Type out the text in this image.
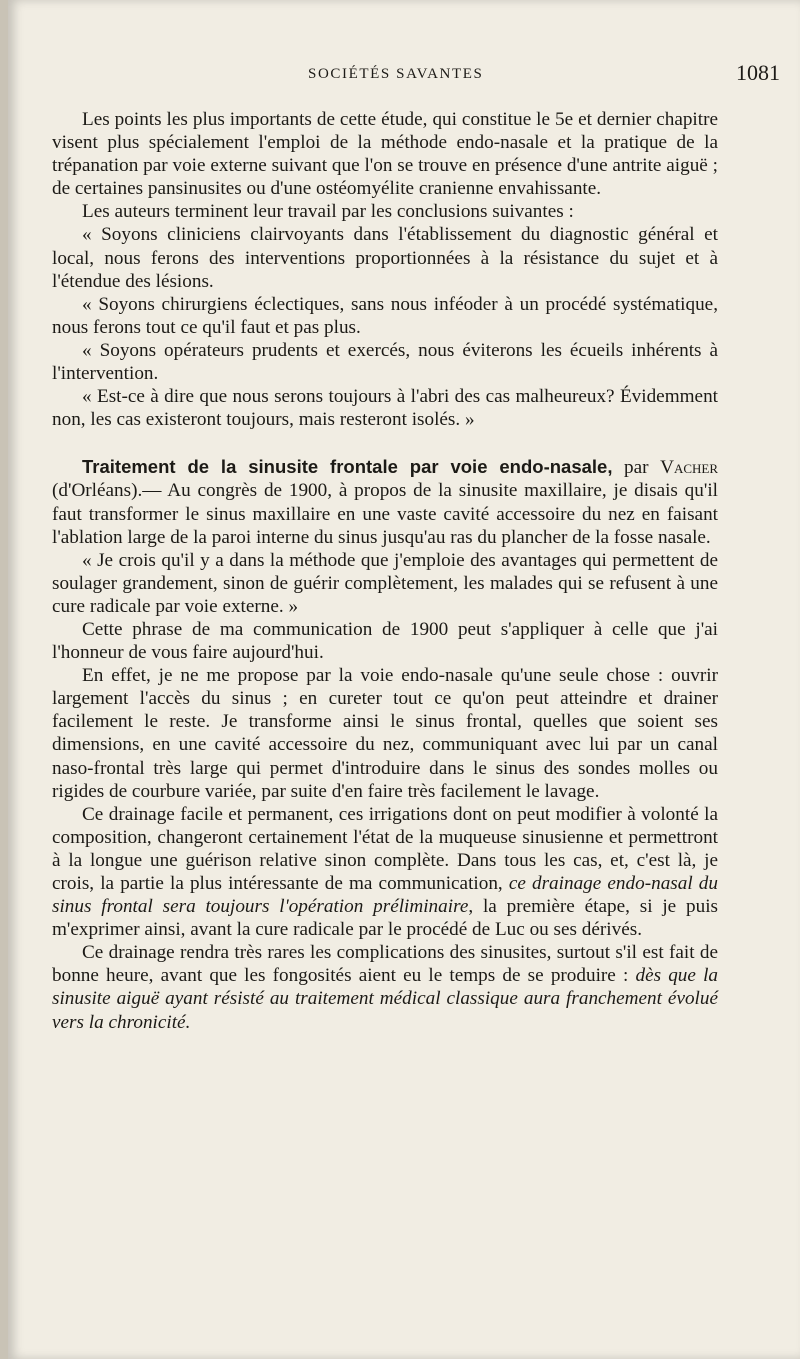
SOCIÉTÉS SAVANTES	1081

Les points les plus importants de cette étude, qui constitue le 5e et dernier chapitre visent plus spécialement l'emploi de la méthode endo-nasale et la pratique de la trépanation par voie externe suivant que l'on se trouve en présence d'une antrite aiguë ; de certaines pansinusites ou d'une ostéomyélite cranienne envahissante.

Les auteurs terminent leur travail par les conclusions suivantes :

« Soyons cliniciens clairvoyants dans l'établissement du diagnostic général et local, nous ferons des interventions proportionnées à la résistance du sujet et à l'étendue des lésions.

« Soyons chirurgiens éclectiques, sans nous inféoder à un procédé systématique, nous ferons tout ce qu'il faut et pas plus.

« Soyons opérateurs prudents et exercés, nous éviterons les écueils inhérents à l'intervention.

« Est-ce à dire que nous serons toujours à l'abri des cas malheureux? Évidemment non, les cas existeront toujours, mais resteront isolés. »

Traitement de la sinusite frontale par voie endo-nasale, par Vacher (d'Orléans).— Au congrès de 1900, à propos de la sinusite maxillaire, je disais qu'il faut transformer le sinus maxillaire en une vaste cavité accessoire du nez en faisant l'ablation large de la paroi interne du sinus jusqu'au ras du plancher de la fosse nasale.

« Je crois qu'il y a dans la méthode que j'emploie des avantages qui permettent de soulager grandement, sinon de guérir complètement, les malades qui se refusent à une cure radicale par voie externe. »

Cette phrase de ma communication de 1900 peut s'appliquer à celle que j'ai l'honneur de vous faire aujourd'hui.

En effet, je ne me propose par la voie endo-nasale qu'une seule chose : ouvrir largement l'accès du sinus ; en cureter tout ce qu'on peut atteindre et drainer facilement le reste. Je transforme ainsi le sinus frontal, quelles que soient ses dimensions, en une cavité accessoire du nez, communiquant avec lui par un canal naso-frontal très large qui permet d'introduire dans le sinus des sondes molles ou rigides de courbure variée, par suite d'en faire très facilement le lavage.

Ce drainage facile et permanent, ces irrigations dont on peut modifier à volonté la composition, changeront certainement l'état de la muqueuse sinusienne et permettront à la longue une guérison relative sinon complète. Dans tous les cas, et, c'est là, je crois, la partie la plus intéressante de ma communication, ce drainage endo-nasal du sinus frontal sera toujours l'opération préliminaire, la première étape, si je puis m'exprimer ainsi, avant la cure radicale par le procédé de Luc ou ses dérivés.

Ce drainage rendra très rares les complications des sinusites, surtout s'il est fait de bonne heure, avant que les fongosités aient eu le temps de se produire : dès que la sinusite aiguë ayant résisté au traitement médical classique aura franchement évolué vers la chronicité.
